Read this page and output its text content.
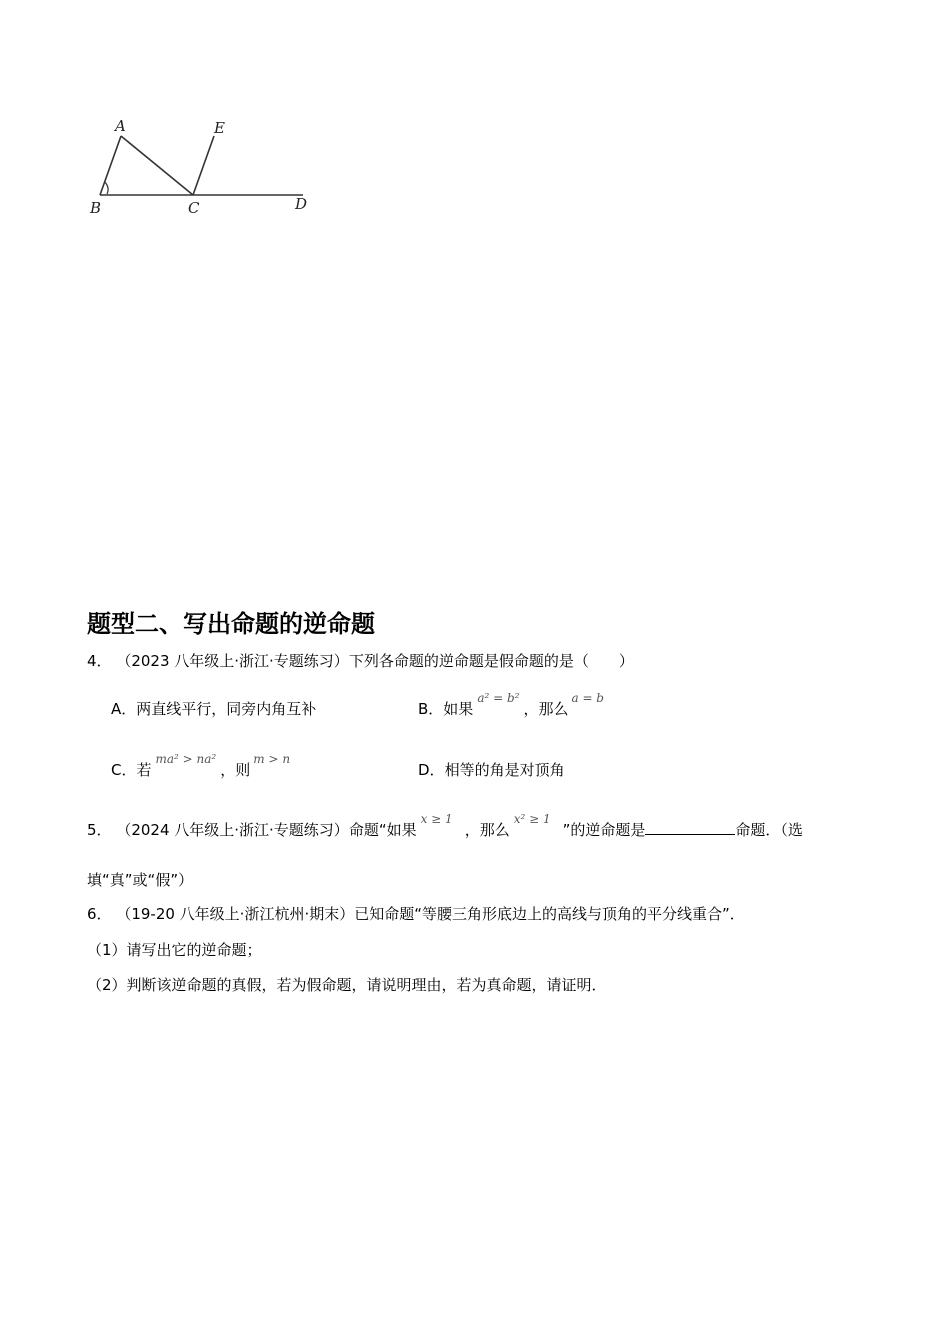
A	E
B	C	D
题型二、写出命题的逆命题
4． （2023 八年级上·浙江·专题练习）下列各命题的逆命题是假命题的是（　　）
A．两直线平行，同旁内角互补	B．如果$^{a^2 = b^2}$，那么$^{a = b}$
C．若$^{ma^2 > na^2}$，则$^{m > n}$
D．相等的角是对顶角
5． （2024 八年级上·浙江·专题练习）命题“如果$^{x \ge 1}$，那么$^{x^2 \ge 1}$”的逆命题是	命题．（选
填“真”或“假”）
6． （19-20 八年级上·浙江杭州·期末）已知命题“等腰三角形底边上的高线与顶角的平分线重合”．
（1）请写出它的逆命题；
（2）判断该逆命题的真假，若为假命题，请说明理由，若为真命题，请证明．
